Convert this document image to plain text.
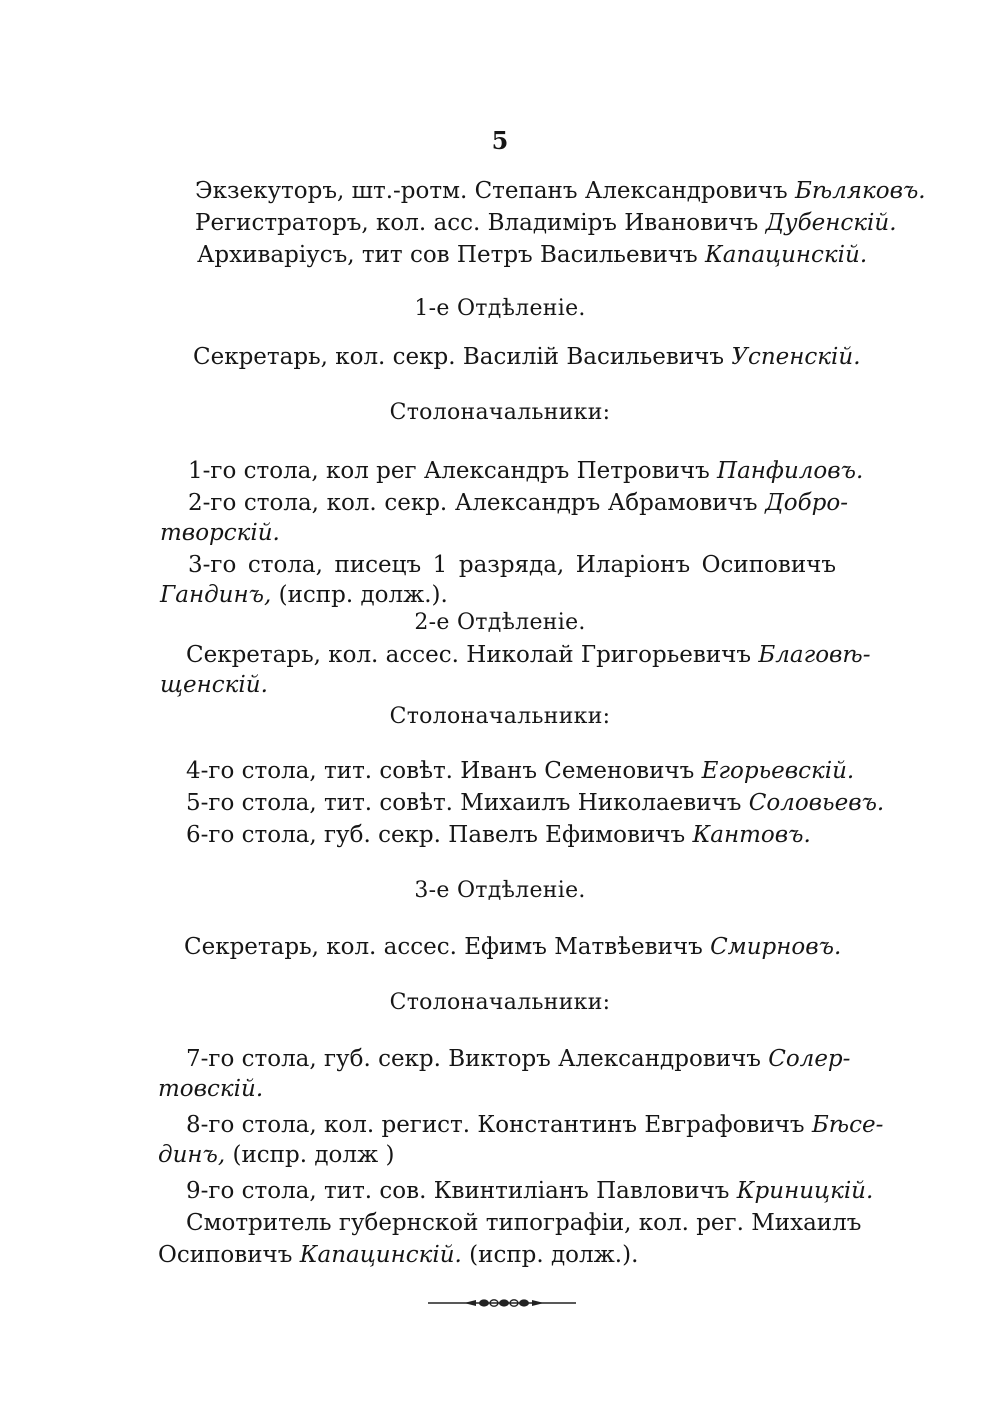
5
Экзекуторъ, шт.-ротм. Степанъ Александровичъ Бѣляковъ.
Регистраторъ, кол. асс. Владиміръ Ивановичъ Дубенскій.
Архиваріусъ, тит сов Петръ Васильевичъ Капацинскій.
1-е Отдѣленіе.
Секретарь, кол. секр. Василій Васильевичъ Успенскій.
Столоначальники:
1-го стола, кол рег Александръ Петровичъ Панфиловъ.
2-го стола, кол. секр. Александръ Абрамовичъ Добро-
творскій.
3-го стола, писецъ 1 разряда, Иларіонъ Осиповичъ
Гандинъ, (испр. долж.).
2-е Отдѣленіе.
Секретарь, кол. ассес. Николай Григорьевичъ Благовѣ-
щенскій.
Столоначальники:
4-го стола, тит. совѣт. Иванъ Семеновичъ Егорьевскій.
5-го стола, тит. совѣт. Михаилъ Николаевичъ Соловьевъ.
6-го стола, губ. секр. Павелъ Ефимовичъ Кантовъ.
3-е Отдѣленіе.
Секретарь, кол. ассес. Ефимъ Матвѣевичъ Смирновъ.
Столоначальники:
7-го стола, губ. секр. Викторъ Александровичъ Солер-
товскій.
8-го стола, кол. регист. Константинъ Евграфовичъ Бѣсе-
динъ, (испр. долж )
9-го стола, тит. сов. Квинтиліанъ Павловичъ Криницкій.
Смотритель губернской типографіи, кол. рег. Михаилъ
Осиповичъ Капацинскій. (испр. долж.).
